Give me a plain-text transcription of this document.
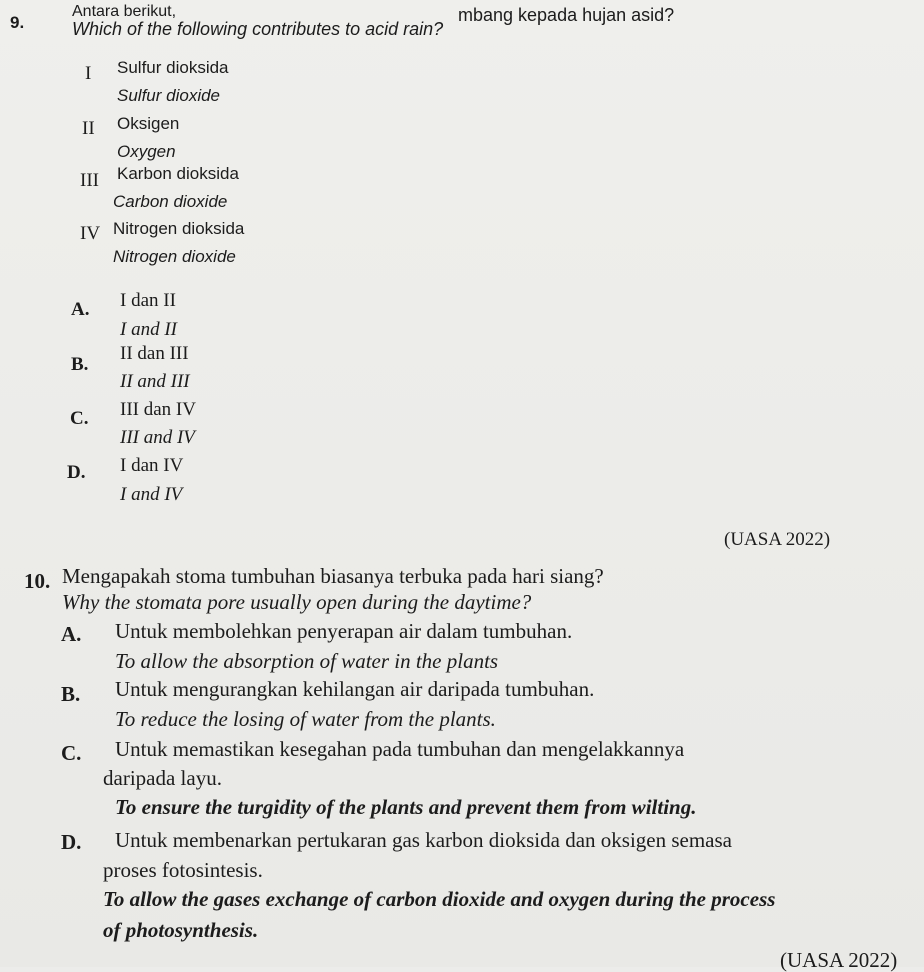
9.
Antara berikut,	mbang kepada hujan asid?
Which of the following contributes to acid rain?
I Sulfur dioksida
Sulfur dioxide
II Oksigen
Oxygen
III Karbon dioksida
Carbon dioxide
IV Nitrogen dioksida
Nitrogen dioxide
A. I dan II
I and II
B.
II dan III
II and III
C. III dan IV
III and IV
D. I dan IV
I and IV
(UASA 2022)
10. Mengapakah stoma tumbuhan biasanya terbuka pada hari siang?
Why the stomata pore usually open during the daytime?
A. Untuk membolehkan penyerapan air dalam tumbuhan.
To allow the absorption of water in the plants
B. Untuk mengurangkan kehilangan air daripada tumbuhan.
To reduce the losing of water from the plants.
C. Untuk memastikan kesegahan pada tumbuhan dan mengelakkannya
daripada layu.
To ensure the turgidity of the plants and prevent them from wilting.
D. Untuk membenarkan pertukaran gas karbon dioksida dan oksigen semasa
proses fotosintesis.
To allow the gases exchange of carbon dioxide and oxygen during the process
of photosynthesis.
(UASA 2022)
